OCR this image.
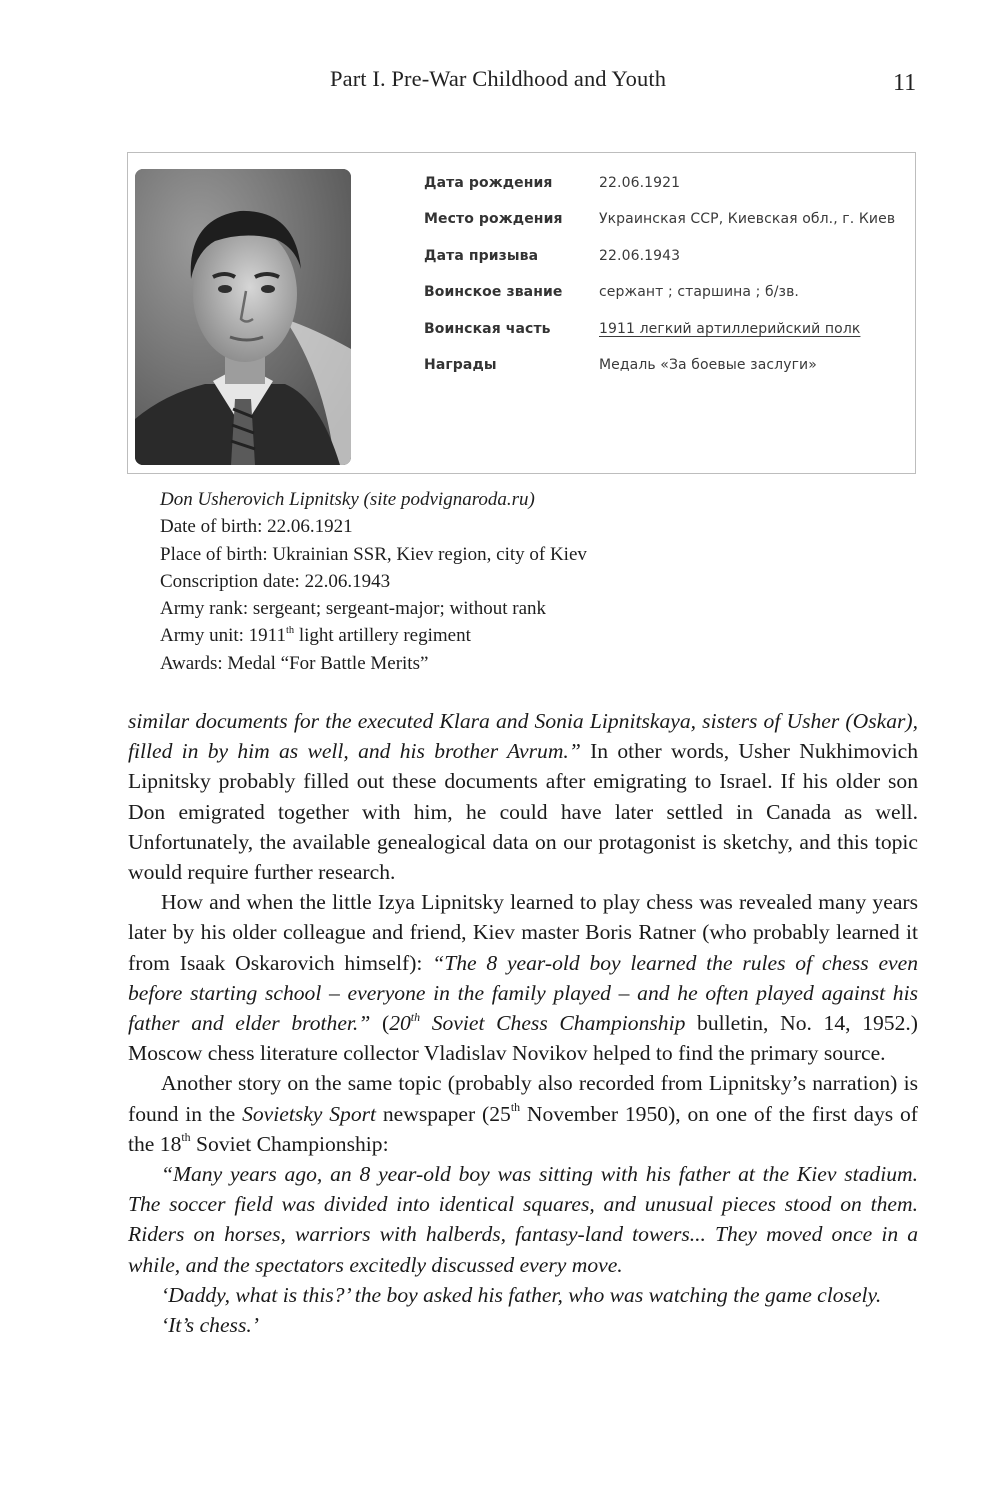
Part I. Pre-War Childhood and Youth	11
Дата рождения	22.06.1921
Место рождения	Украинская ССР, Киевская обл., г. Киев
Дата призыва	22.06.1943
Воинское звание	сержант ; старшина ; б/зв.
Воинская часть	1911 легкий артиллерийский полк
Награды	Медаль «За боевые заслуги»
Don Usherovich Lipnitsky (site podvignaroda.ru)
Date of birth: 22.06.1921
Place of birth: Ukrainian SSR, Kiev region, city of Kiev
Conscription date: 22.06.1943
Army rank: sergeant; sergeant-major; without rank
Army unit: 1911th light artillery regiment
Awards: Medal “For Battle Merits”

similar documents for the executed Klara and Sonia Lipnitskaya, sisters of Usher (Oskar), filled in by him as well, and his brother Avrum.” In other words, Usher Nukhimovich Lipnitsky probably filled out these documents after emigrating to Israel. If his older son Don emigrated together with him, he could have later settled in Canada as well. Unfortunately, the available genealogical data on our protagonist is sketchy, and this topic would require further research.

How and when the little Izya Lipnitsky learned to play chess was revealed many years later by his older colleague and friend, Kiev master Boris Ratner (who probably learned it from Isaak Oskarovich himself): “The 8 year-old boy learned the rules of chess even before starting school – everyone in the family played – and he often played against his father and elder brother.” (20th Soviet Chess Championship bulletin, No. 14, 1952.) Moscow chess literature collector Vladislav Novikov helped to find the primary source.

Another story on the same topic (probably also recorded from Lipnitsky’s narration) is found in the Sovietsky Sport newspaper (25th November 1950), on one of the first days of the 18th Soviet Championship:

“Many years ago, an 8 year-old boy was sitting with his father at the Kiev stadium. The soccer field was divided into identical squares, and unusual pieces stood on them. Riders on horses, warriors with halberds, fantasy-land towers... They moved once in a while, and the spectators excitedly discussed every move.

‘Daddy, what is this?’ the boy asked his father, who was watching the game closely.

‘It’s chess.’
